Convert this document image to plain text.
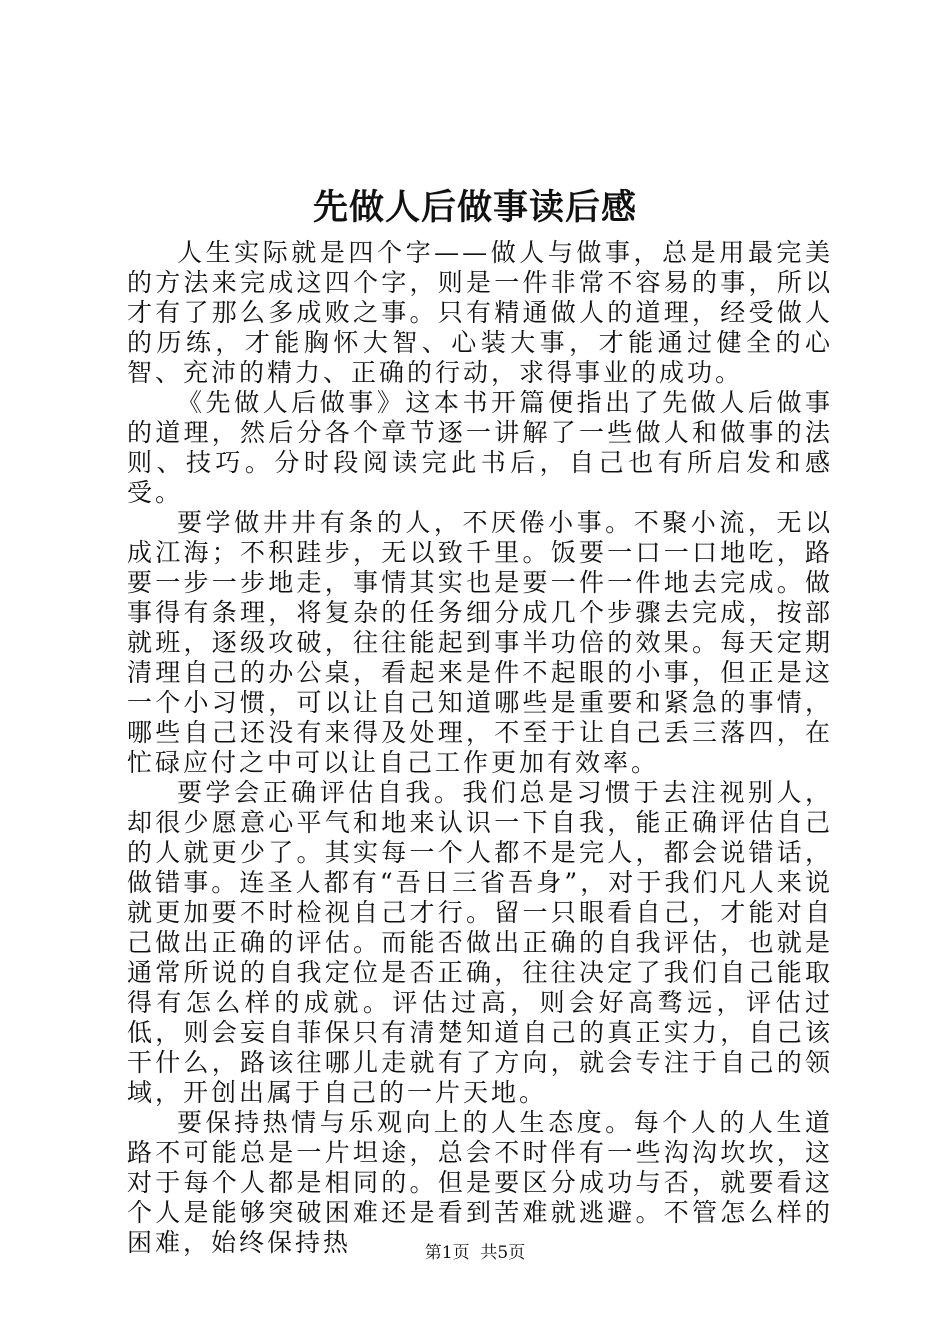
先做人后做事读后感

人生实际就是四个字——做人与做事，总是用最完美的方法来完成这四个字，则是一件非常不容易的事，所以才有了那么多成败之事。只有精通做人的道理，经受做人的历练，才能胸怀大智、心装大事，才能通过健全的心智、充沛的精力、正确的行动，求得事业的成功。

《先做人后做事》这本书开篇便指出了先做人后做事的道理，然后分各个章节逐一讲解了一些做人和做事的法则、技巧。分时段阅读完此书后，自己也有所启发和感受。

要学做井井有条的人，不厌倦小事。不聚小流，无以成江海；不积跬步，无以致千里。饭要一口一口地吃，路要一步一步地走，事情其实也是要一件一件地去完成。做事得有条理，将复杂的任务细分成几个步骤去完成，按部就班，逐级攻破，往往能起到事半功倍的效果。每天定期清理自己的办公桌，看起来是件不起眼的小事，但正是这一个小习惯，可以让自己知道哪些是重要和紧急的事情，哪些自己还没有来得及处理，不至于让自己丢三落四，在忙碌应付之中可以让自己工作更加有效率。

要学会正确评估自我。我们总是习惯于去注视别人，却很少愿意心平气和地来认识一下自我，能正确评估自己的人就更少了。其实每一个人都不是完人，都会说错话，做错事。连圣人都有“吾日三省吾身”，对于我们凡人来说就更加要不时检视自己才行。留一只眼看自己，才能对自己做出正确的评估。而能否做出正确的自我评估，也就是通常所说的自我定位是否正确，往往决定了我们自己能取得有怎么样的成就。评估过高，则会好高骛远，评估过低，则会妄自菲保只有清楚知道自己的真正实力，自己该干什么，路该往哪儿走就有了方向，就会专注于自己的领域，开创出属于自己的一片天地。

要保持热情与乐观向上的人生态度。每个人的人生道路不可能总是一片坦途，总会不时伴有一些沟沟坎坎，这对于每个人都是相同的。但是要区分成功与否，就要看这个人是能够突破困难还是看到苦难就逃避。不管怎么样的困难，始终保持热	第1页 共5页
